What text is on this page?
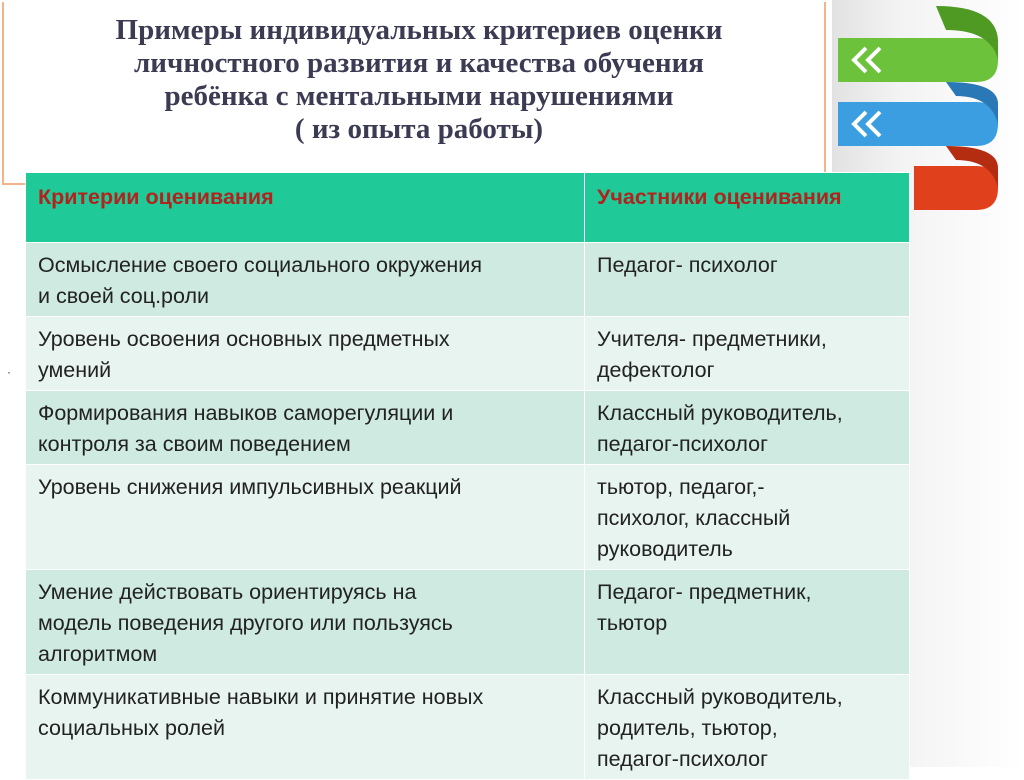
Примеры индивидуальных критериев оценки
личностного развития и качества обучения
ребёнка с ментальными нарушениями
( из опыта работы)
·
Критерии оценивания	Участники оценивания

Осмысление своего социального окружения
и своей соц.роли	Педагог- психолог

Уровень освоения основных предметных
умений	Учителя- предметники,
дефектолог

Формирования навыков саморегуляции и
контроля за своим поведением	Классный руководитель,
педагог-психолог

Уровень снижения импульсивных реакций	тьютор, педагог,-
психолог, классный
руководитель

Умение действовать ориентируясь на
модель поведения другого или пользуясь
алгоритмом	Педагог- предметник,
тьютор

Коммуникативные навыки и принятие новых
социальных ролей	Классный руководитель,
родитель, тьютор,
педагог-психолог
